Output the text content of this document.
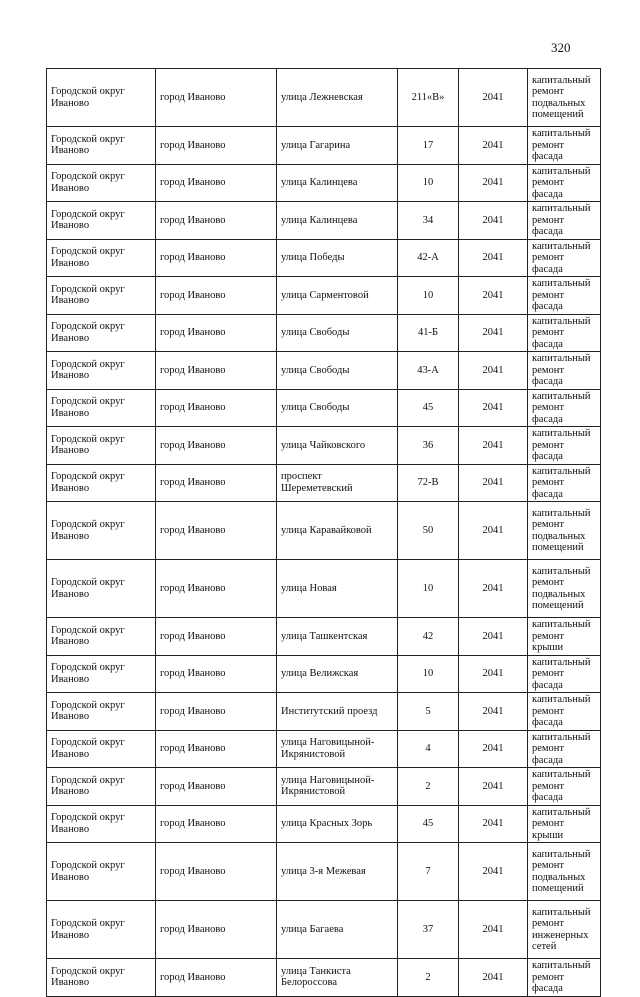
320
Городской округ Иваново	город Иваново	улица Лежневская	211«В»	2041	капитальный ремонт подвальных помещений
Городской округ Иваново	город Иваново	улица Гагарина	17	2041	капитальный ремонт фасада
Городской округ Иваново	город Иваново	улица Калинцева	10	2041	капитальный ремонт фасада
Городской округ Иваново	город Иваново	улица Калинцева	34	2041	капитальный ремонт фасада
Городской округ Иваново	город Иваново	улица Победы	42-А	2041	капитальный ремонт фасада
Городской округ Иваново	город Иваново	улица Сарментовой	10	2041	капитальный ремонт фасада
Городской округ Иваново	город Иваново	улица Свободы	41-Б	2041	капитальный ремонт фасада
Городской округ Иваново	город Иваново	улица Свободы	43-А	2041	капитальный ремонт фасада
Городской округ Иваново	город Иваново	улица Свободы	45	2041	капитальный ремонт фасада
Городской округ Иваново	город Иваново	улица Чайковского	36	2041	капитальный ремонт фасада
Городской округ Иваново	город Иваново	проспект Шереметевский	72-В	2041	капитальный ремонт фасада
Городской округ Иваново	город Иваново	улица Каравайковой	50	2041	капитальный ремонт подвальных помещений
Городской округ Иваново	город Иваново	улица Новая	10	2041	капитальный ремонт подвальных помещений
Городской округ Иваново	город Иваново	улица Ташкентская	42	2041	капитальный ремонт крыши
Городской округ Иваново	город Иваново	улица Велижская	10	2041	капитальный ремонт фасада
Городской округ Иваново	город Иваново	Институтский проезд	5	2041	капитальный ремонт фасада
Городской округ Иваново	город Иваново	улица Наговицыной-Икрянистовой	4	2041	капитальный ремонт фасада
Городской округ Иваново	город Иваново	улица Наговицыной-Икрянистовой	2	2041	капитальный ремонт фасада
Городской округ Иваново	город Иваново	улица Красных Зорь	45	2041	капитальный ремонт крыши
Городской округ Иваново	город Иваново	улица 3-я Межевая	7	2041	капитальный ремонт подвальных помещений
Городской округ Иваново	город Иваново	улица Багаева	37	2041	капитальный ремонт инженерных сетей
Городской округ Иваново	город Иваново	улица Танкиста Белороссова	2	2041	капитальный ремонт фасада
